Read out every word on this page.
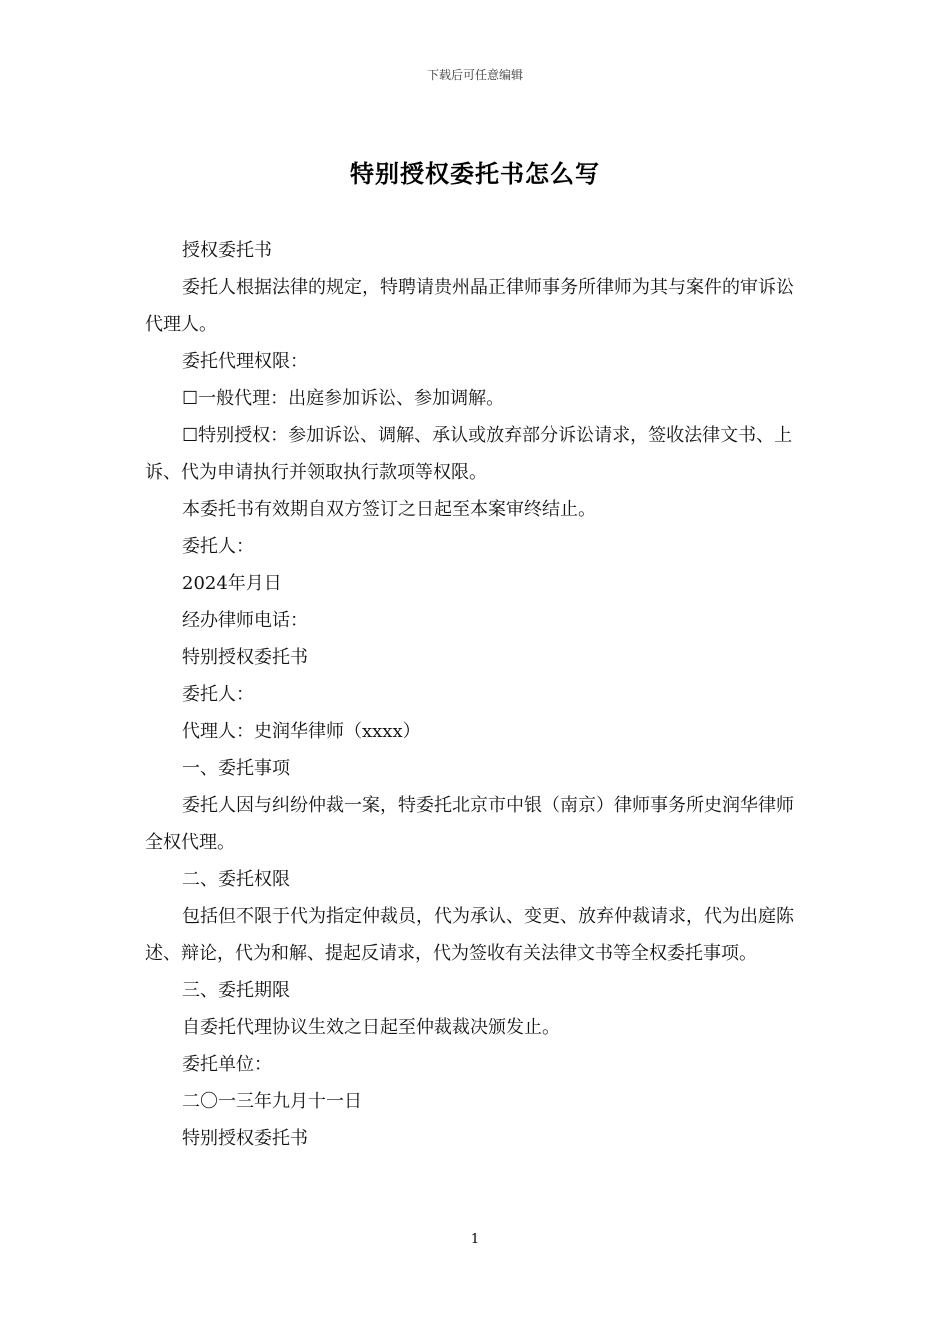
下载后可任意编辑
特别授权委托书怎么写

授权委托书

委托人根据法律的规定，特聘请贵州晶正律师事务所律师为其与案件的审诉讼代理人。

委托代理权限：

☐一般代理：出庭参加诉讼、参加调解。

☐特别授权：参加诉讼、调解、承认或放弃部分诉讼请求，签收法律文书、上诉、代为申请执行并领取执行款项等权限。

本委托书有效期自双方签订之日起至本案审终结止。

委托人：

2024年月日

经办律师电话：

特别授权委托书

委托人：

代理人：史润华律师（xxxx）

一、委托事项

委托人因与纠纷仲裁一案，特委托北京市中银（南京）律师事务所史润华律师全权代理。

二、委托权限

包括但不限于代为指定仲裁员，代为承认、变更、放弃仲裁请求，代为出庭陈述、辩论，代为和解、提起反请求，代为签收有关法律文书等全权委托事项。

三、委托期限

自委托代理协议生效之日起至仲裁裁决颁发止。

委托单位：

二〇一三年九月十一日

特别授权委托书

1
